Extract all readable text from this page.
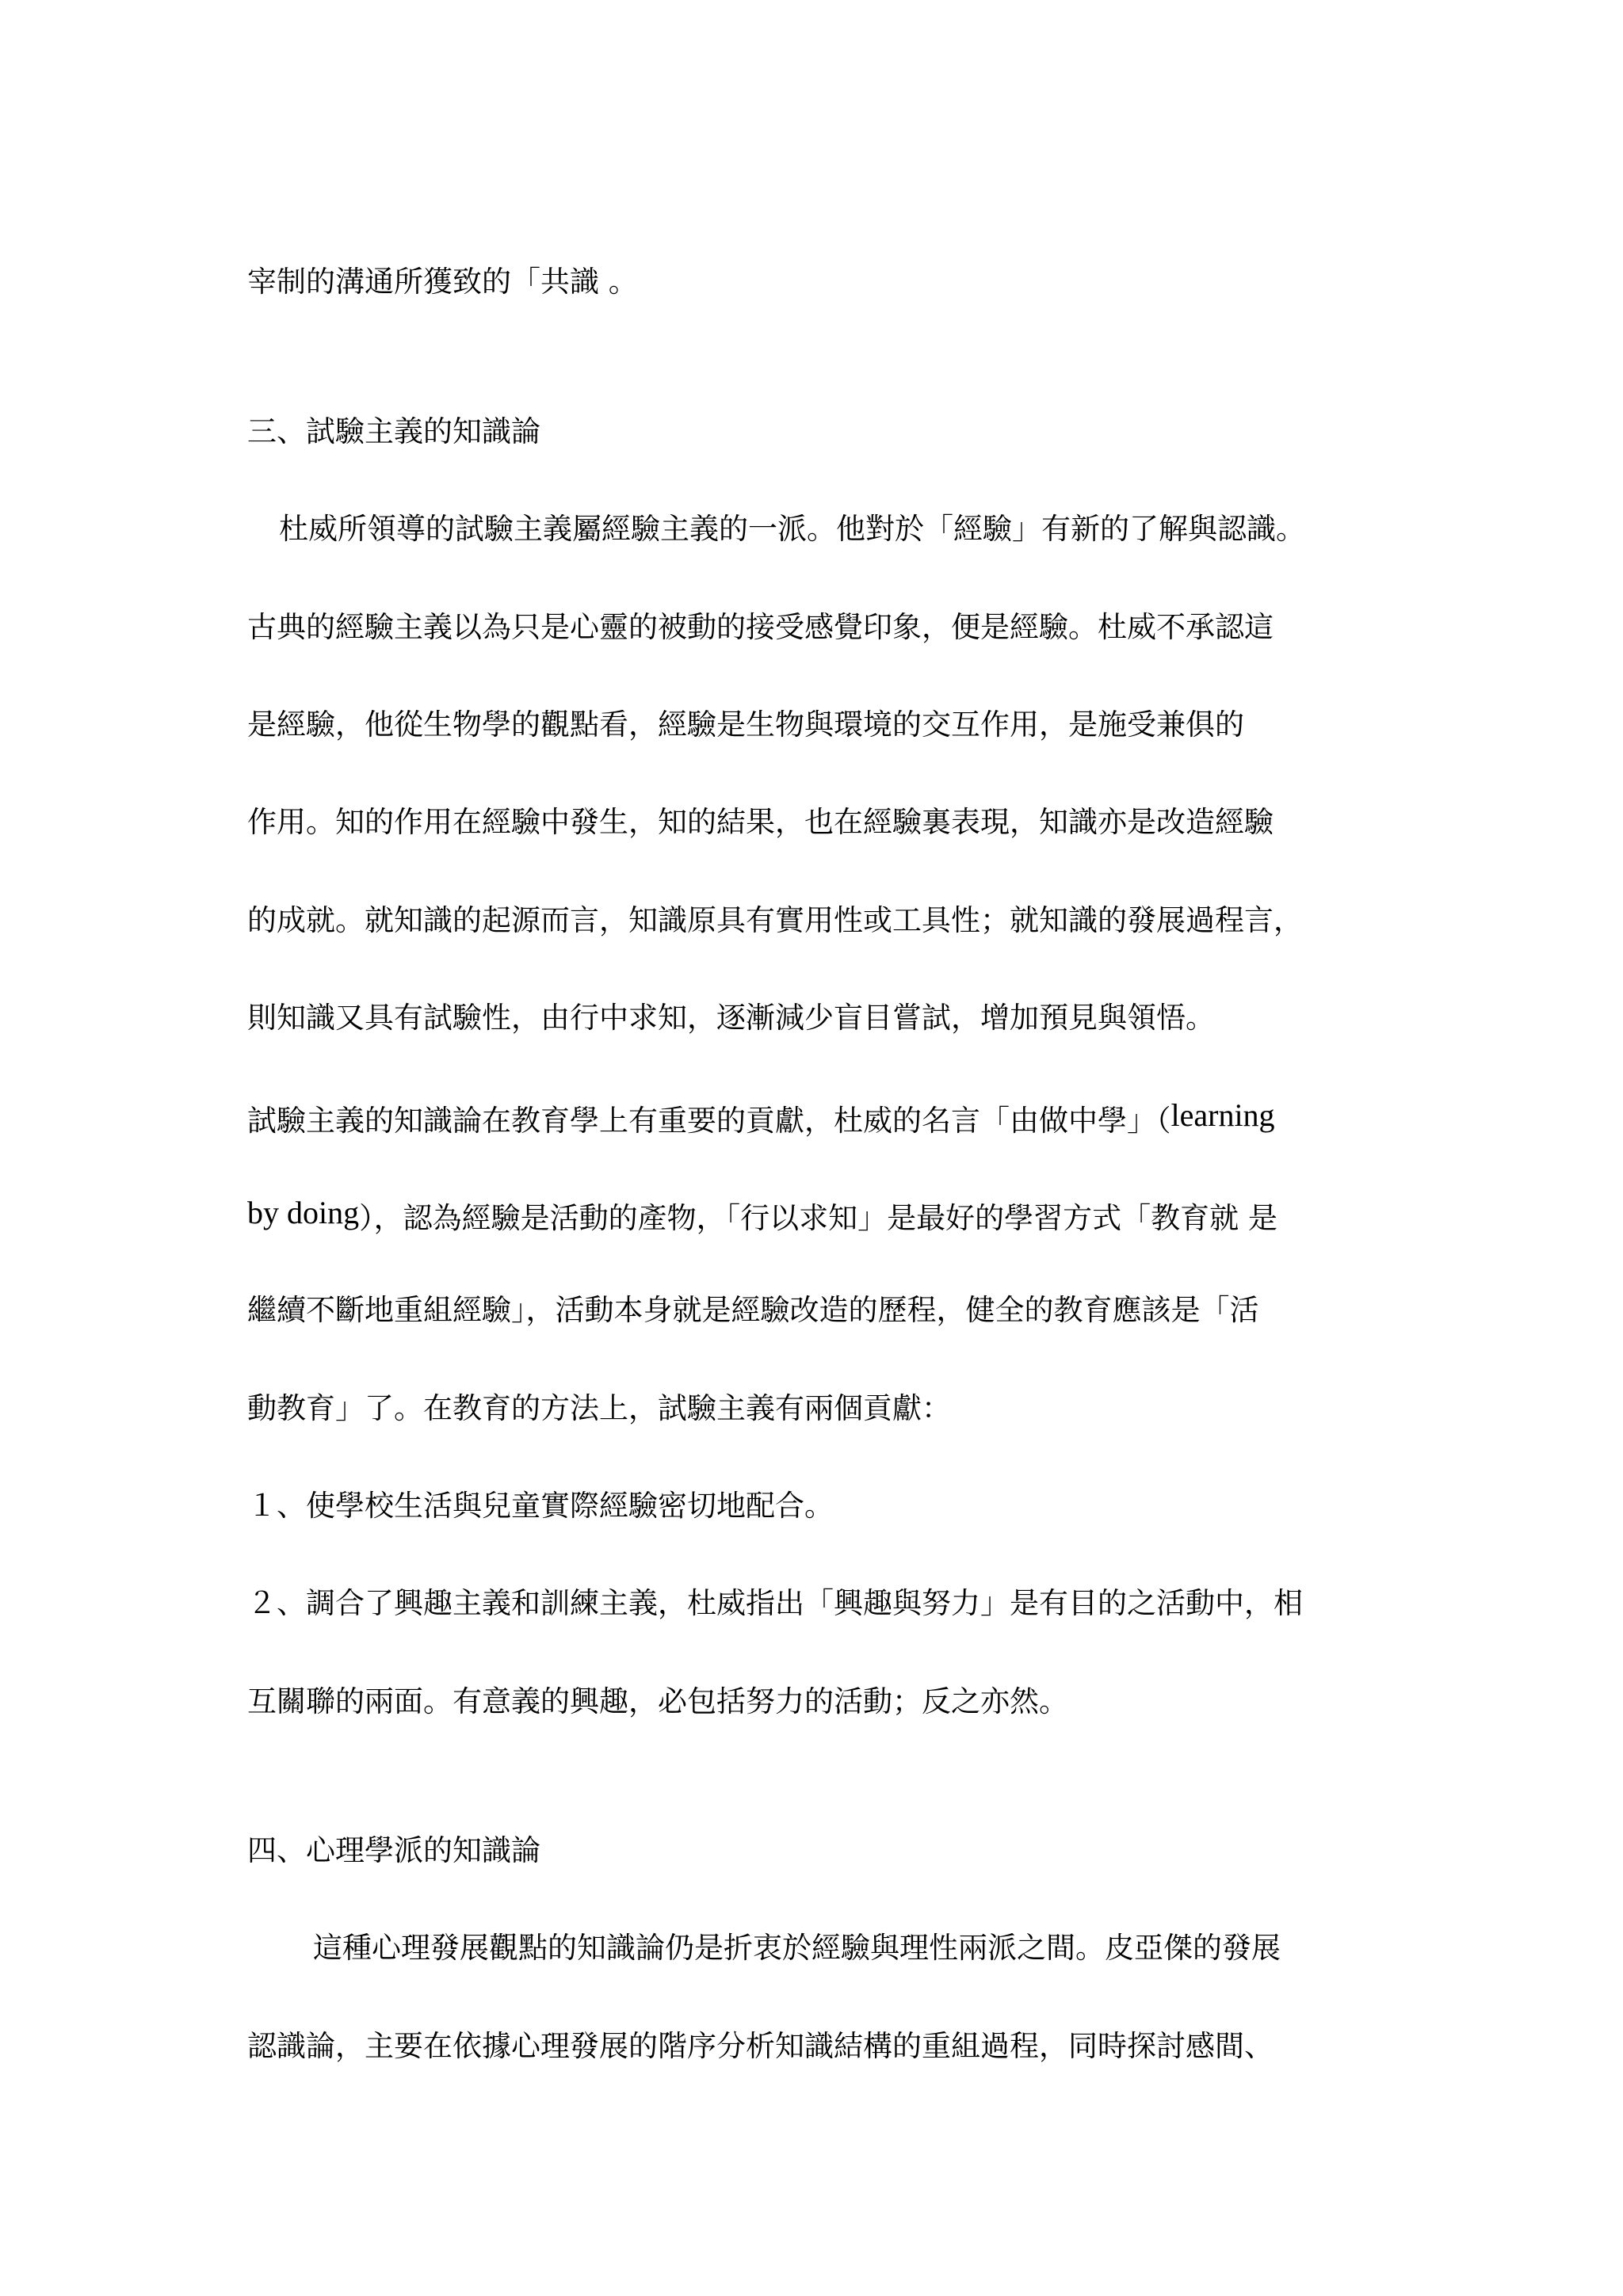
宰制的溝通所獲致的「共識 。
三、試驗主義的知識論
杜威所領導的試驗主義屬經驗主義的一派。他對於「經驗」有新的了解與認識。
古典的經驗主義以為只是心靈的被動的接受感覺印象，便是經驗。杜威不承認這
是經驗，他從生物學的觀點看，經驗是生物與環境的交互作用，是施受兼俱的
作用。知的作用在經驗中發生，知的結果，也在經驗裏表現，知識亦是改造經驗
的成就。就知識的起源而言，知識原具有實用性或工具性；就知識的發展過程言，
則知識又具有試驗性，由行中求知，逐漸減少盲目嘗試，增加預見與領悟。
試驗主義的知識論在教育學上有重要的貢獻，杜威的名言「由做中學」（learning
by doing），認為經驗是活動的產物，「行以求知」是最好的學習方式「教育就 是
繼續不斷地重組經驗」，活動本身就是經驗改造的歷程，健全的教育應該是「活
動教育」了。在教育的方法上，試驗主義有兩個貢獻：
１、使學校生活與兒童實際經驗密切地配合。
２、調合了興趣主義和訓練主義，杜威指出「興趣與努力」是有目的之活動中，相
互關聯的兩面。有意義的興趣，必包括努力的活動；反之亦然。
四、心理學派的知識論
這種心理發展觀點的知識論仍是折衷於經驗與理性兩派之間。皮亞傑的發展
認識論，主要在依據心理發展的階序分析知識結構的重組過程，同時探討感間、
